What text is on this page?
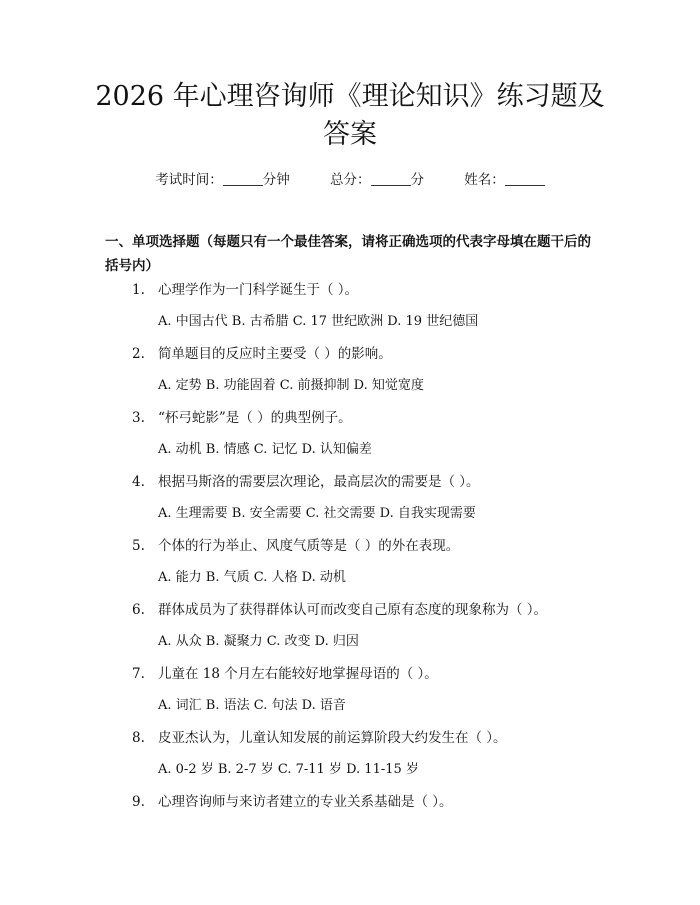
2026 年心理咨询师《理论知识》练习题及答案
考试时间：	分钟	总分：	分	姓名：
一、单项选择题（每题只有一个最佳答案，请将正确选项的代表字母填在题干后的括号内）
1. 心理学作为一门科学诞生于（ ）。
A. 中国古代 B. 古希腊 C. 17 世纪欧洲 D. 19 世纪德国
2. 简单题目的反应时主要受（ ）的影响。
A. 定势 B. 功能固着 C. 前摄抑制 D. 知觉宽度
3. “杯弓蛇影”是（ ）的典型例子。
A. 动机 B. 情感 C. 记忆 D. 认知偏差
4. 根据马斯洛的需要层次理论，最高层次的需要是（ ）。
A. 生理需要 B. 安全需要 C. 社交需要 D. 自我实现需要
5. 个体的行为举止、风度气质等是（ ）的外在表现。
A. 能力 B. 气质 C. 人格 D. 动机
6. 群体成员为了获得群体认可而改变自己原有态度的现象称为（ ）。
A. 从众 B. 凝聚力 C. 改变 D. 归因
7. 儿童在 18 个月左右能较好地掌握母语的（ ）。
A. 词汇 B. 语法 C. 句法 D. 语音
8. 皮亚杰认为，儿童认知发展的前运算阶段大约发生在（ ）。
A. 0-2 岁 B. 2-7 岁 C. 7-11 岁 D. 11-15 岁
9. 心理咨询师与来访者建立的专业关系基础是（ ）。
